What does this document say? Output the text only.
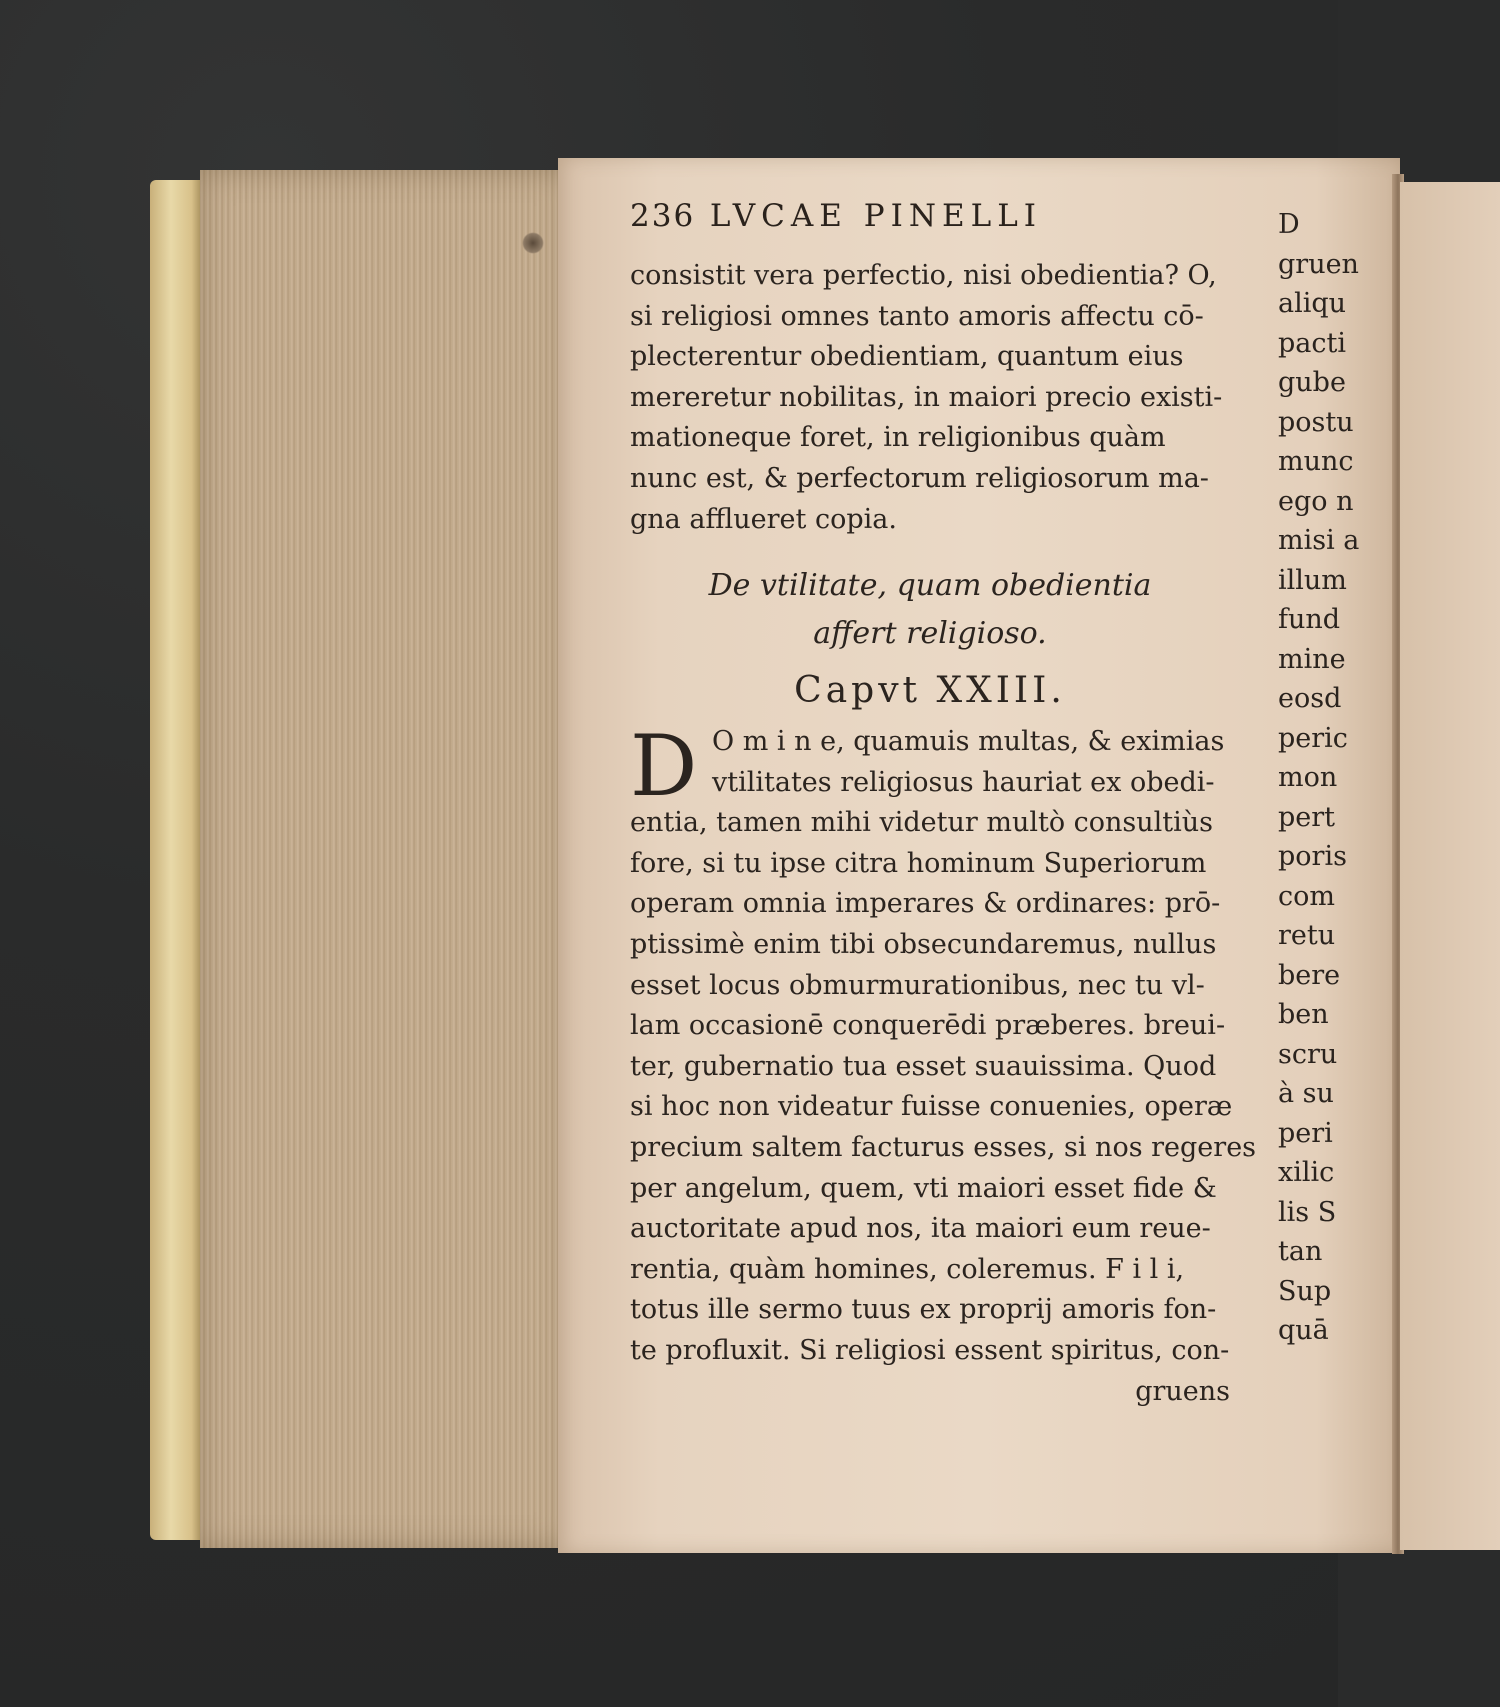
236 LVCAE PINELLI
consistit vera perfectio, nisi obedientia? O,
si religiosi omnes tanto amoris affectu cō-
plecterentur obedientiam, quantum eius
mereretur nobilitas, in maiori precio existi-
mationeque foret, in religionibus quàm
nunc est, & perfectorum religiosorum ma-
gna afflueret copia.
De vtilitate, quam obedientia
affert religioso.
Capvt XXIII.
D O m i n e, quamuis multas, & eximias
vtilitates religiosus hauriat ex obedi-
entia, tamen mihi videtur multò consultiùs
fore, si tu ipse citra hominum Superiorum
operam omnia imperares & ordinares: prō-
ptissimè enim tibi obsecundaremus, nullus
esset locus obmurmurationibus, nec tu vl-
lam occasionē conquerēdi præberes. breui-
ter, gubernatio tua esset suauissima. Quod
si hoc non videatur fuisse conuenies, operæ
precium saltem facturus esses, si nos regeres
per angelum, quem, vti maiori esset fide &
auctoritate apud nos, ita maiori eum reue-
rentia, quàm homines, coleremus. F i l i,
totus ille sermo tuus ex proprij amoris fon-
te profluxit. Si religiosi essent spiritus, con-
gruens
D
gruen
aliqu
pacti
gube
postu
munc
ego n
misi a
illum
fund
mine
eosd
peric
mon
pert
poris
com
retu
bere
ben
scru
à su
peri
xilic
lis S
tan
Sup
quā
